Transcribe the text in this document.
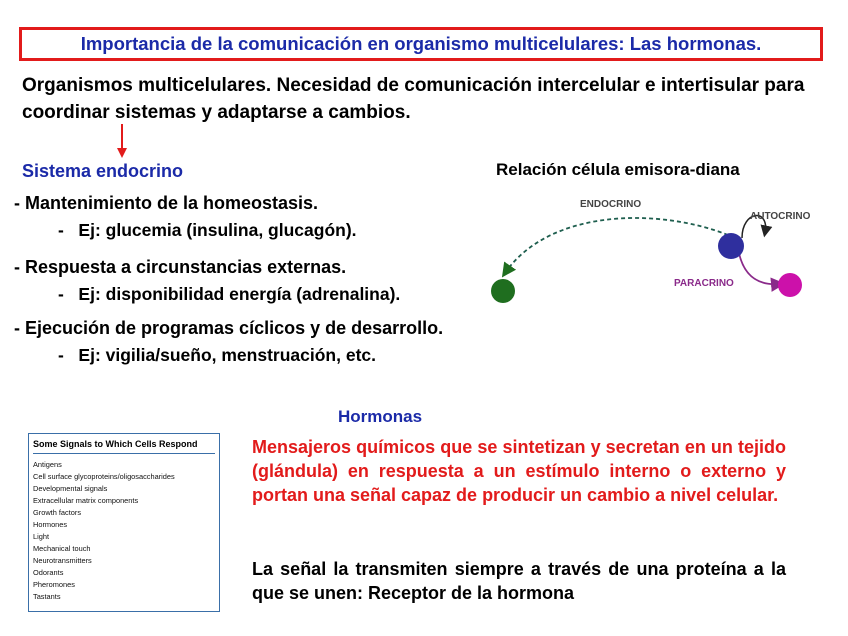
Importancia de la comunicación en organismo multicelulares: Las hormonas.
Organismos multicelulares. Necesidad de comunicación intercelular e intertisular para coordinar sistemas y adaptarse a cambios.
Sistema endocrino
- Mantenimiento de la homeostasis.
- Ej: glucemia (insulina, glucagón).
- Respuesta a circunstancias externas.
- Ej: disponibilidad energía (adrenalina).
- Ejecución de programas cíclicos y de desarrollo.
- Ej: vigilia/sueño, menstruación, etc.
Relación célula emisora-diana
ENDOCRINO
AUTOCRINO
PARACRINO
Hormonas
Some Signals to Which Cells Respond
Antigens
Cell surface glycoproteins/oligosaccharides
Developmental signals
Extracellular matrix components
Growth factors
Hormones
Light
Mechanical touch
Neurotransmitters
Odorants
Pheromones
Tastants
Mensajeros químicos que se sintetizan y secretan en un tejido (glándula) en respuesta a un estímulo interno o externo y portan una señal capaz de producir un cambio a nivel celular.
La señal la transmiten siempre a través de una proteína a la que se unen: Receptor de la hormona
